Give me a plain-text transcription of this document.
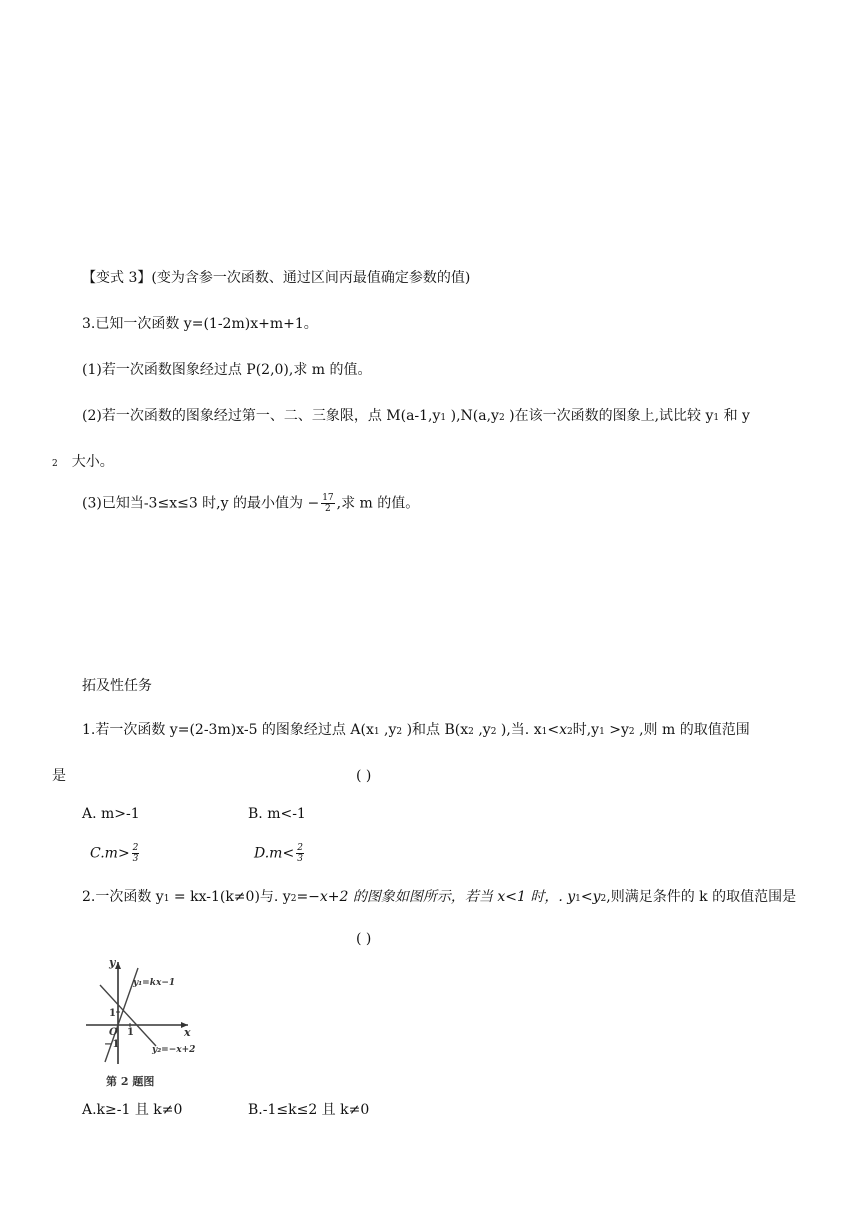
【变式 3】(变为含参一次函数、通过区间丙最值确定参数的值)
3.已知一次函数 y=(1-2m)x+m+1。
(1)若一次函数图象经过点 P(2,0),求 m 的值。
(2)若一次函数的图象经过第一、二、三象限，点 M(a-1,y1 ),N(a,y2 )在该一次函数的图象上,试比较 y1 和 y
2 大小。
(3)已知当-3≤x≤3 时,y 的最小值为 − $\frac{17}{2}$ ,求 m 的值。
拓及性任务
1.若一次函数 y=(2-3m)x-5 的图象经过点 A(x1 ,y2 )和点 B(x2 ,y2 ),当. x1<x2时,y1 >y2 ,则 m 的取值范围
是	( )
A. m>-1	B. m<-1
$C.m> \frac{2}{3}$	$D.m< \frac{2}{3}$
2.一次函数 y1 = kx-1(k≠0)与. y2=−x+2 的图象如图所示，若当 x<1 时，. y1<y2,则满足条件的 k 的取值范围是
( )
y
x
O
1
1
−1
y₁=kx−1
y₂=−x+2
第 2 题图
A.k≥-1 且 k≠0	B.-1≤k≤2 且 k≠0
